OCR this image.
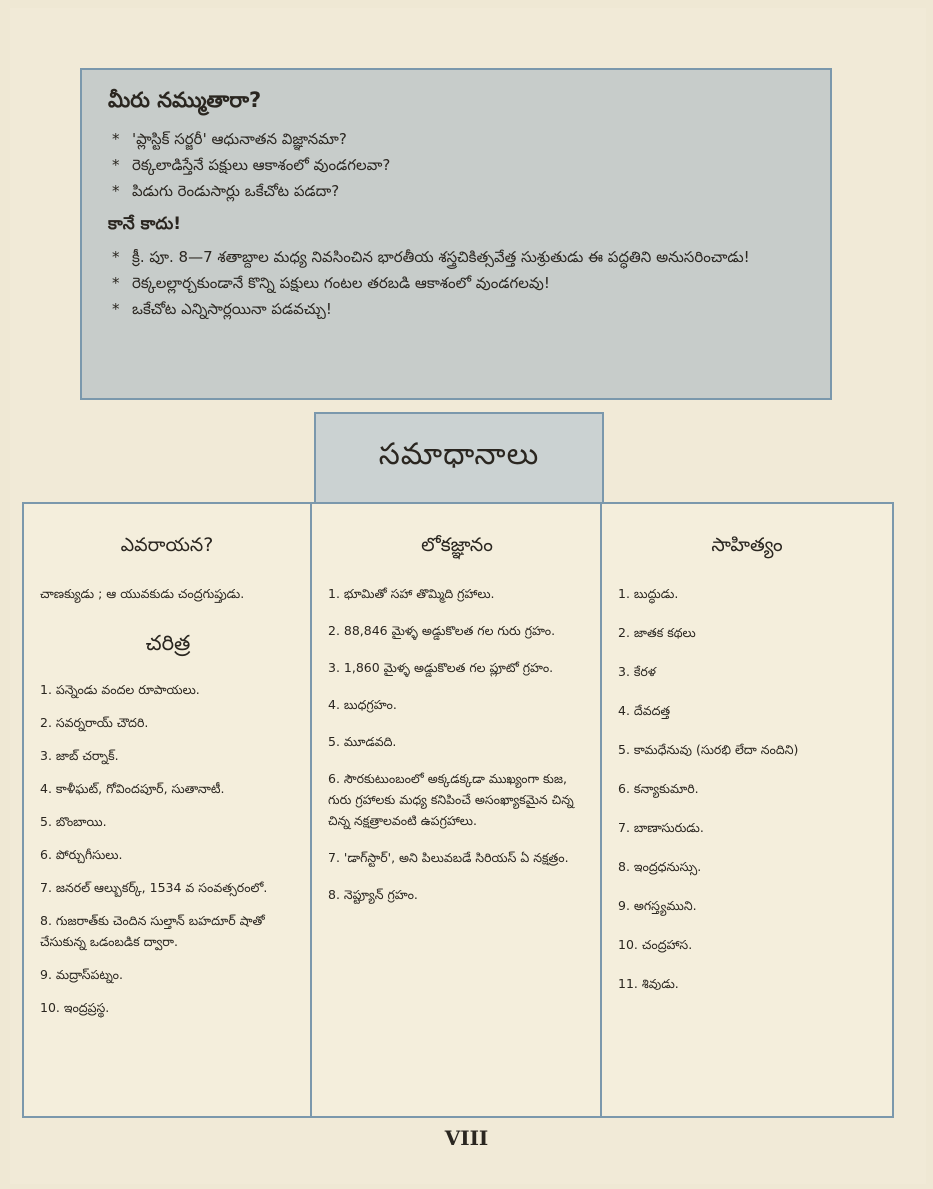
మీరు నమ్ముతారా?
* 'ప్లాస్టిక్ సర్జరీ' ఆధునాతన విజ్ఞానమా?
* రెక్కలాడిస్తేనే పక్షులు ఆకాశంలో వుండగలవా?
* పిడుగు రెండుసార్లు ఒకేచోట పడదా?
కానే కాదు!
* క్రీ. పూ. 8—7 శతాబ్దాల మధ్య నివసించిన భారతీయ శస్త్రచికిత్సవేత్త సుశ్రుతుడు ఈ పద్ధతిని అనుసరించాడు!
* రెక్కలల్లార్చకుండానే కొన్ని పక్షులు గంటల తరబడి ఆకాశంలో వుండగలవు!
* ఒకేచోట ఎన్నిసార్లయినా పడవచ్చు!
సమాధానాలు
ఎవరాయన?
చాణక్యుడు ; ఆ యువకుడు చంద్రగుప్తుడు.
చరిత్ర
1. పన్నెండు వందల రూపాయలు.
2. సవర్నరాయ్ చౌదరి.
3. జాబ్ చర్నాక్.
4. కాళీఘట్, గోవిందపూర్, సుతానాటీ.
5. బొంబాయి.
6. పోర్చుగీసులు.
7. జనరల్ ఆల్బుకర్క్, 1534 వ సంవత్సరంలో.
8. గుజరాత్‌కు చెందిన సుల్తాన్ బహదూర్ షాతో చేసుకున్న ఒడంబడిక ద్వారా.
9. మద్రాస్‌పట్నం.
10. ఇంద్రప్రస్థ.
లోకజ్ఞానం
1. భూమితో సహా తొమ్మిది గ్రహాలు.
2. 88,846 మైళ్ళ అడ్డుకొలత గల గురు గ్రహం.
3. 1,860 మైళ్ళ అడ్డుకొలత గల ప్లూటో గ్రహం.
4. బుధగ్రహం.
5. మూడవది.
6. సౌరకుటుంబంలో అక్కడక్కడా ముఖ్యంగా కుజ, గురు గ్రహాలకు మధ్య కనిపించే అసంఖ్యాకమైన చిన్న చిన్న నక్షత్రాలవంటి ఉపగ్రహాలు.
7. 'డాగ్‌స్టార్', అని పిలువబడే సిరియస్ ఏ నక్షత్రం.
8. నెప్ట్యూన్ గ్రహం.
సాహిత్యం
1. బుద్ధుడు.
2. జాతక కథలు
3. కేరళ
4. దేవదత్త
5. కామధేనువు (సురభి లేదా నందిని)
6. కన్యాకుమారి.
7. బాణాసురుడు.
8. ఇంద్రధనుస్సు.
9. అగస్త్యముని.
10. చంద్రహాస.
11. శివుడు.
VIII
